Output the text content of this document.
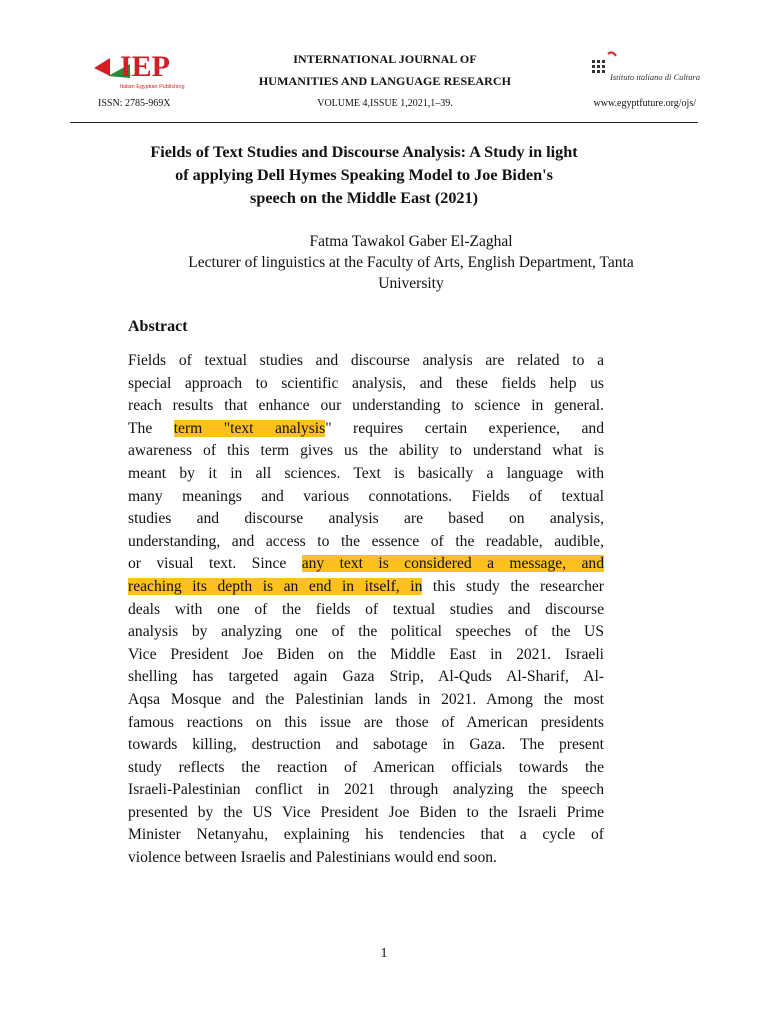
IEP
Italian Egyptian Publishing
ISSN: 2785-969X
INTERNATIONAL JOURNAL OF
HUMANITIES AND LANGUAGE RESEARCH
VOLUME 4,ISSUE 1,2021,1–39.
Istituto italiano di Cultura
www.egyptfuture.org/ojs/
Fields of Text Studies and Discourse Analysis: A Study in light
of applying Dell Hymes Speaking Model to Joe Biden's
speech on the Middle East (2021)
Fatma Tawakol Gaber El-Zaghal
Lecturer of linguistics at the Faculty of Arts, English Department, Tanta
University
Abstract
Fields of textual studies and discourse analysis are related to a
special approach to scientific analysis, and these fields help us
reach results that enhance our understanding to science in general.
The term "text analysis" requires certain experience, and
awareness of this term gives us the ability to understand what is
meant by it in all sciences. Text is basically a language with
many meanings and various connotations. Fields of textual
studies and discourse analysis are based on analysis,
understanding, and access to the essence of the readable, audible,
or visual text. Since any text is considered a message, and
reaching its depth is an end in itself, in this study the researcher
deals with one of the fields of textual studies and discourse
analysis by analyzing one of the political speeches of the US
Vice President Joe Biden on the Middle East in 2021. Israeli
shelling has targeted again Gaza Strip, Al-Quds Al-Sharif, Al-
Aqsa Mosque and the Palestinian lands in 2021. Among the most
famous reactions on this issue are those of American presidents
towards killing, destruction and sabotage in Gaza. The present
study reflects the reaction of American officials towards the
Israeli-Palestinian conflict in 2021 through analyzing the speech
presented by the US Vice President Joe Biden to the Israeli Prime
Minister Netanyahu, explaining his tendencies that a cycle of
violence between Israelis and Palestinians would end soon.
1
